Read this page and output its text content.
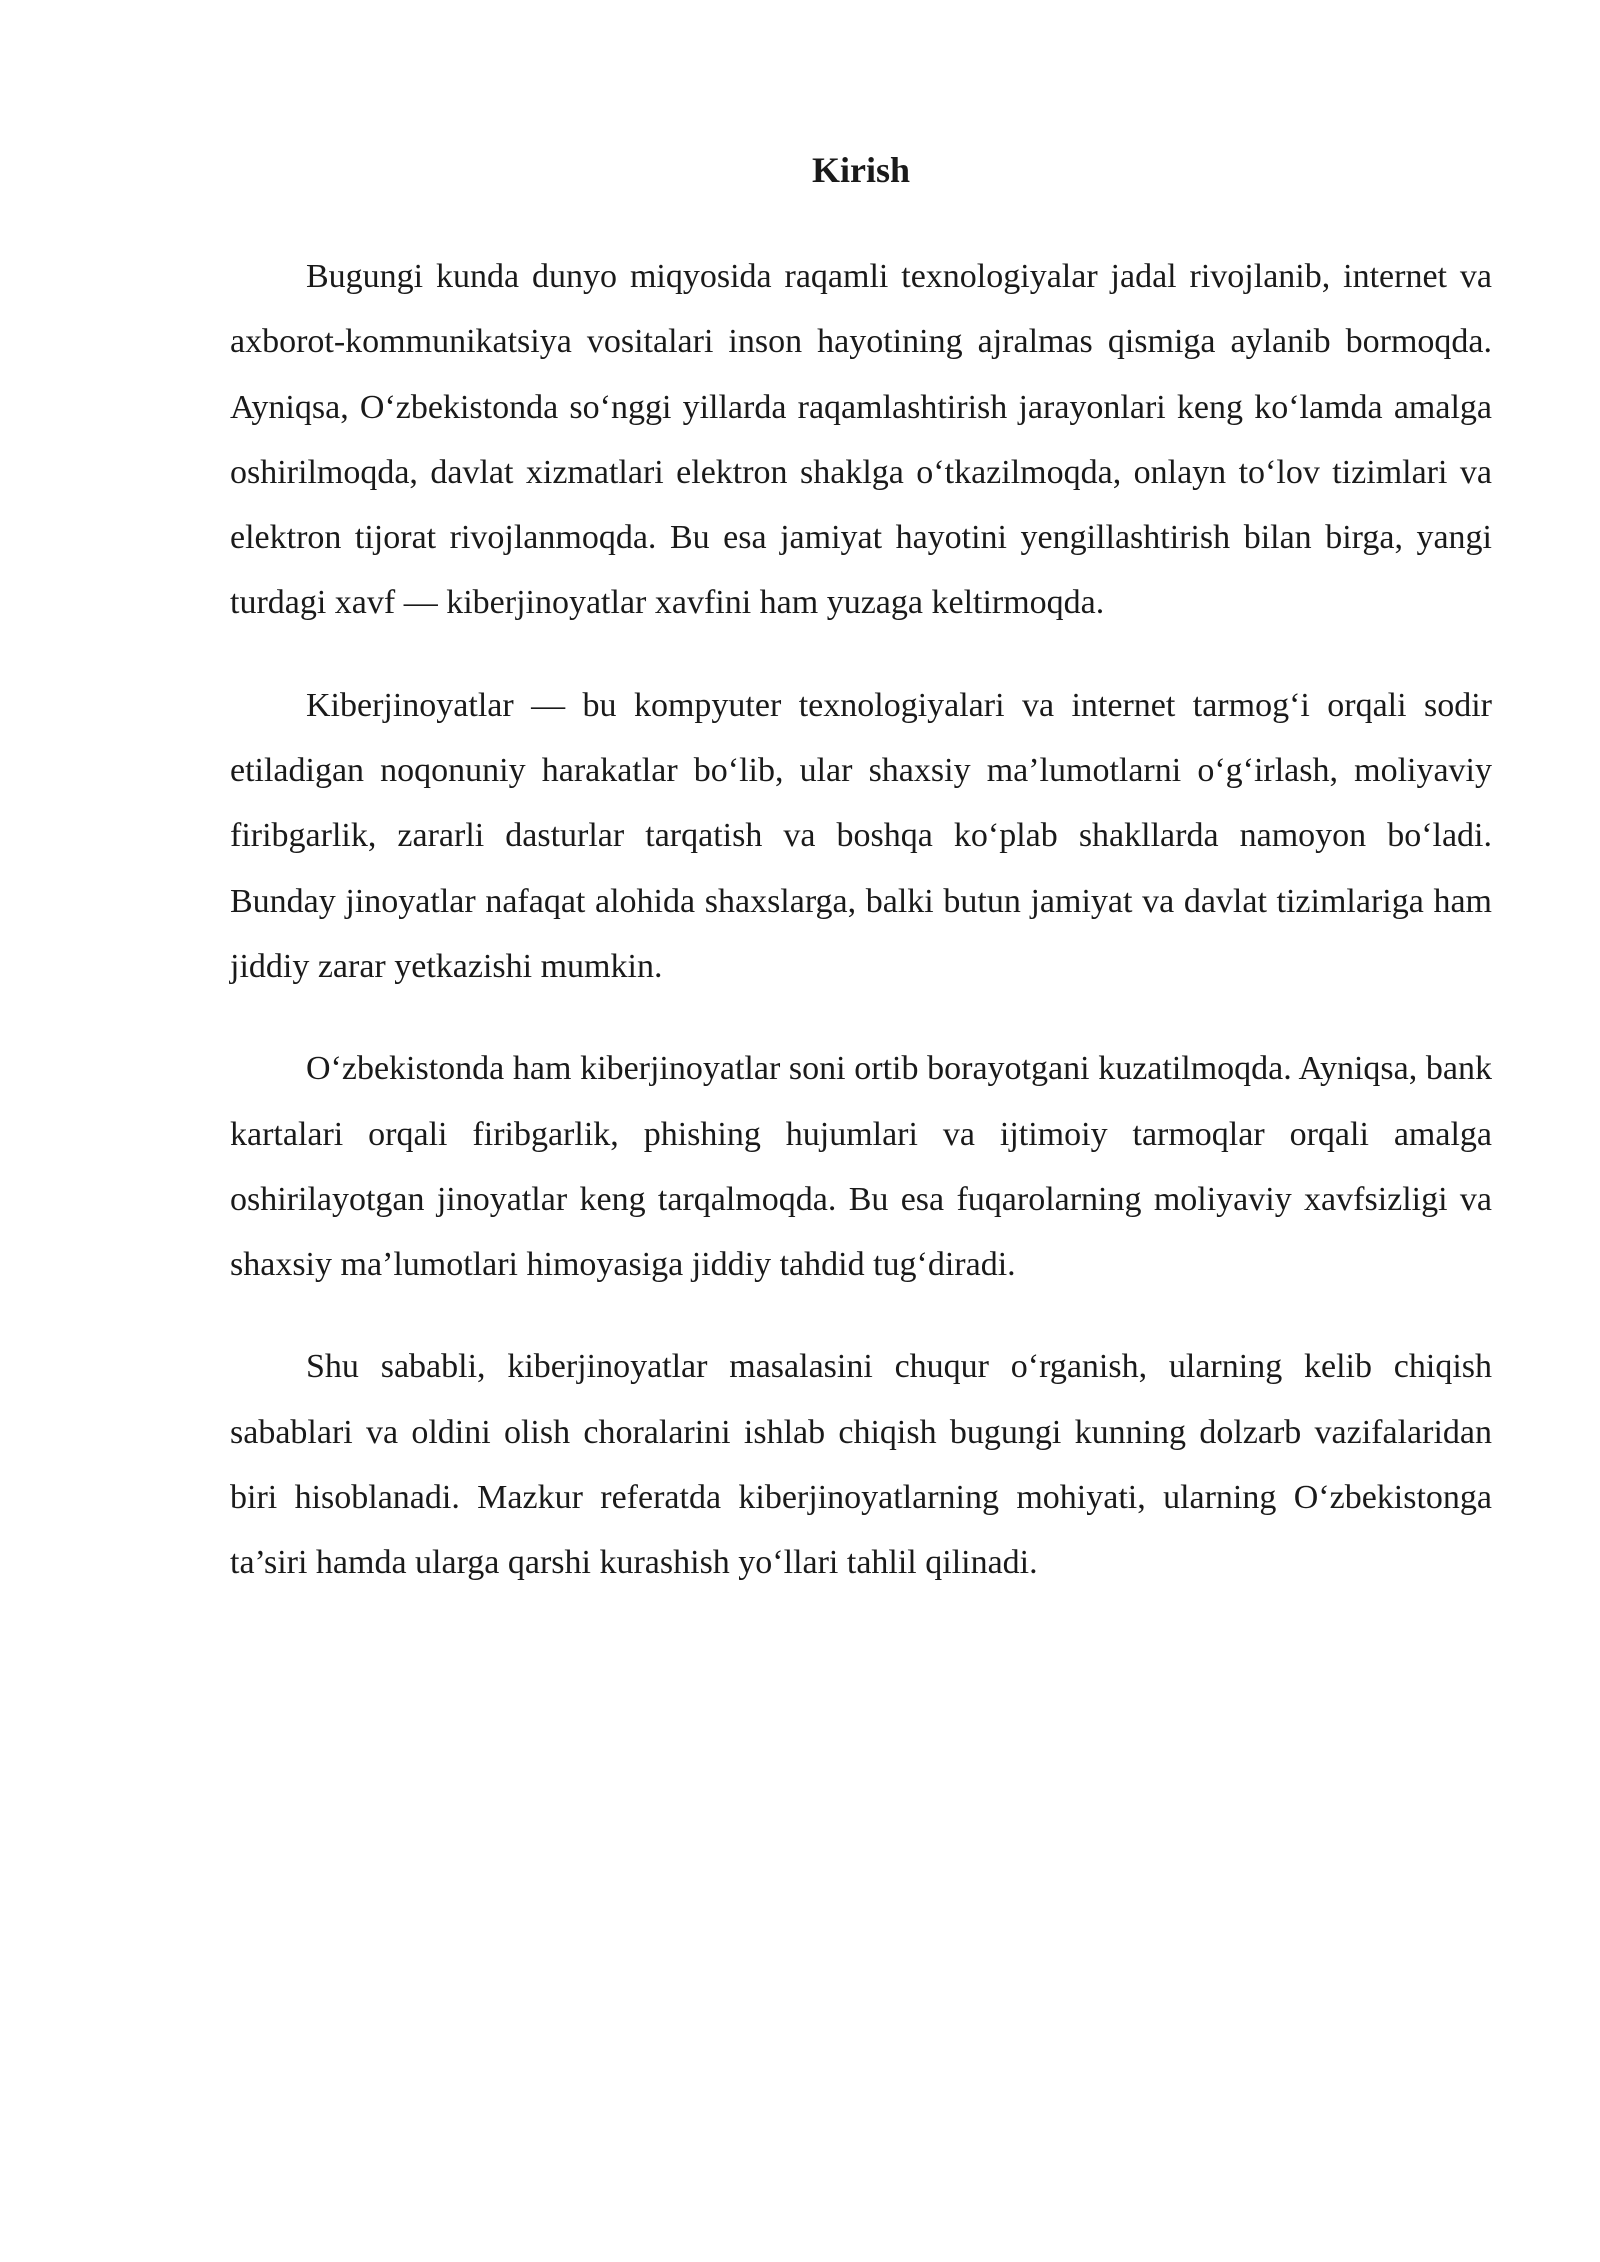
Kirish

Bugungi kunda dunyo miqyosida raqamli texnologiyalar jadal rivojlanib, internet va axborot-kommunikatsiya vositalari inson hayotining ajralmas qismiga aylanib bormoqda. Ayniqsa, O‘zbekistonda so‘nggi yillarda raqamlashtirish jarayonlari keng ko‘lamda amalga oshirilmoqda, davlat xizmatlari elektron shaklga o‘tkazilmoqda, onlayn to‘lov tizimlari va elektron tijorat rivojlanmoqda. Bu esa jamiyat hayotini yengillashtirish bilan birga, yangi turdagi xavf — kiberjinoyatlar xavfini ham yuzaga keltirmoqda.

Kiberjinoyatlar — bu kompyuter texnologiyalari va internet tarmog‘i orqali sodir etiladigan noqonuniy harakatlar bo‘lib, ular shaxsiy ma’lumotlarni o‘g‘irlash, moliyaviy firibgarlik, zararli dasturlar tarqatish va boshqa ko‘plab shakllarda namoyon bo‘ladi. Bunday jinoyatlar nafaqat alohida shaxslarga, balki butun jamiyat va davlat tizimlariga ham jiddiy zarar yetkazishi mumkin.

O‘zbekistonda ham kiberjinoyatlar soni ortib borayotgani kuzatilmoqda. Ayniqsa, bank kartalari orqali firibgarlik, phishing hujumlari va ijtimoiy tarmoqlar orqali amalga oshirilayotgan jinoyatlar keng tarqalmoqda. Bu esa fuqarolarning moliyaviy xavfsizligi va shaxsiy ma’lumotlari himoyasiga jiddiy tahdid tug‘diradi.

Shu sababli, kiberjinoyatlar masalasini chuqur o‘rganish, ularning kelib chiqish sabablari va oldini olish choralarini ishlab chiqish bugungi kunning dolzarb vazifalaridan biri hisoblanadi. Mazkur referatda kiberjinoyatlarning mohiyati, ularning O‘zbekistonga ta’siri hamda ularga qarshi kurashish yo‘llari tahlil qilinadi.
